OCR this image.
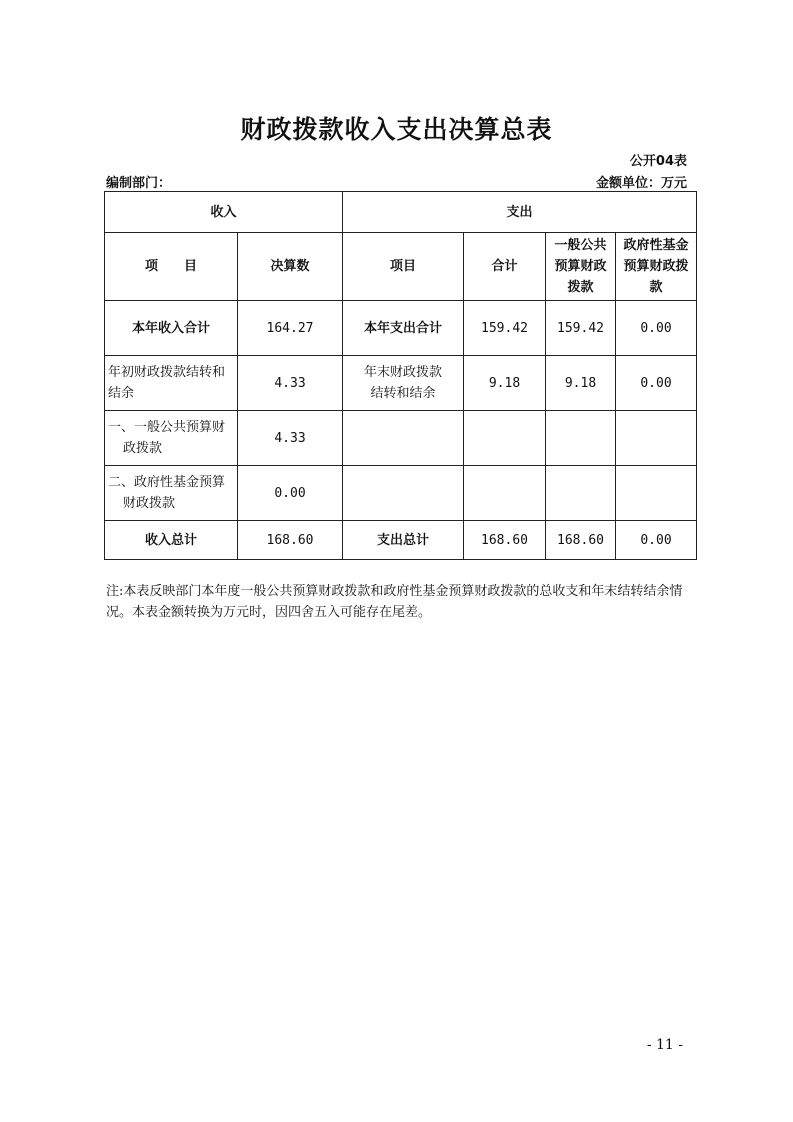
财政拨款收入支出决算总表
公开04表
编制部门：	金额单位：万元
收入		支出			
项　　目	决算数	项目	合计	一般公共预算财政拨款	政府性基金预算财政拨款
本年收入合计	164.27	本年支出合计	159.42	159.42	0.00
年初财政拨款结转和结余	4.33	年末财政拨款结转和结余	9.18	9.18	0.00
一、一般公共预算财政拨款	4.33				
二、政府性基金预算财政拨款	0.00				
收入总计	168.60	支出总计	168.60	168.60	0.00
注:本表反映部门本年度一般公共预算财政拨款和政府性基金预算财政拨款的总收支和年末结转结余情况。本表金额转换为万元时，因四舍五入可能存在尾差。
- 11 -
